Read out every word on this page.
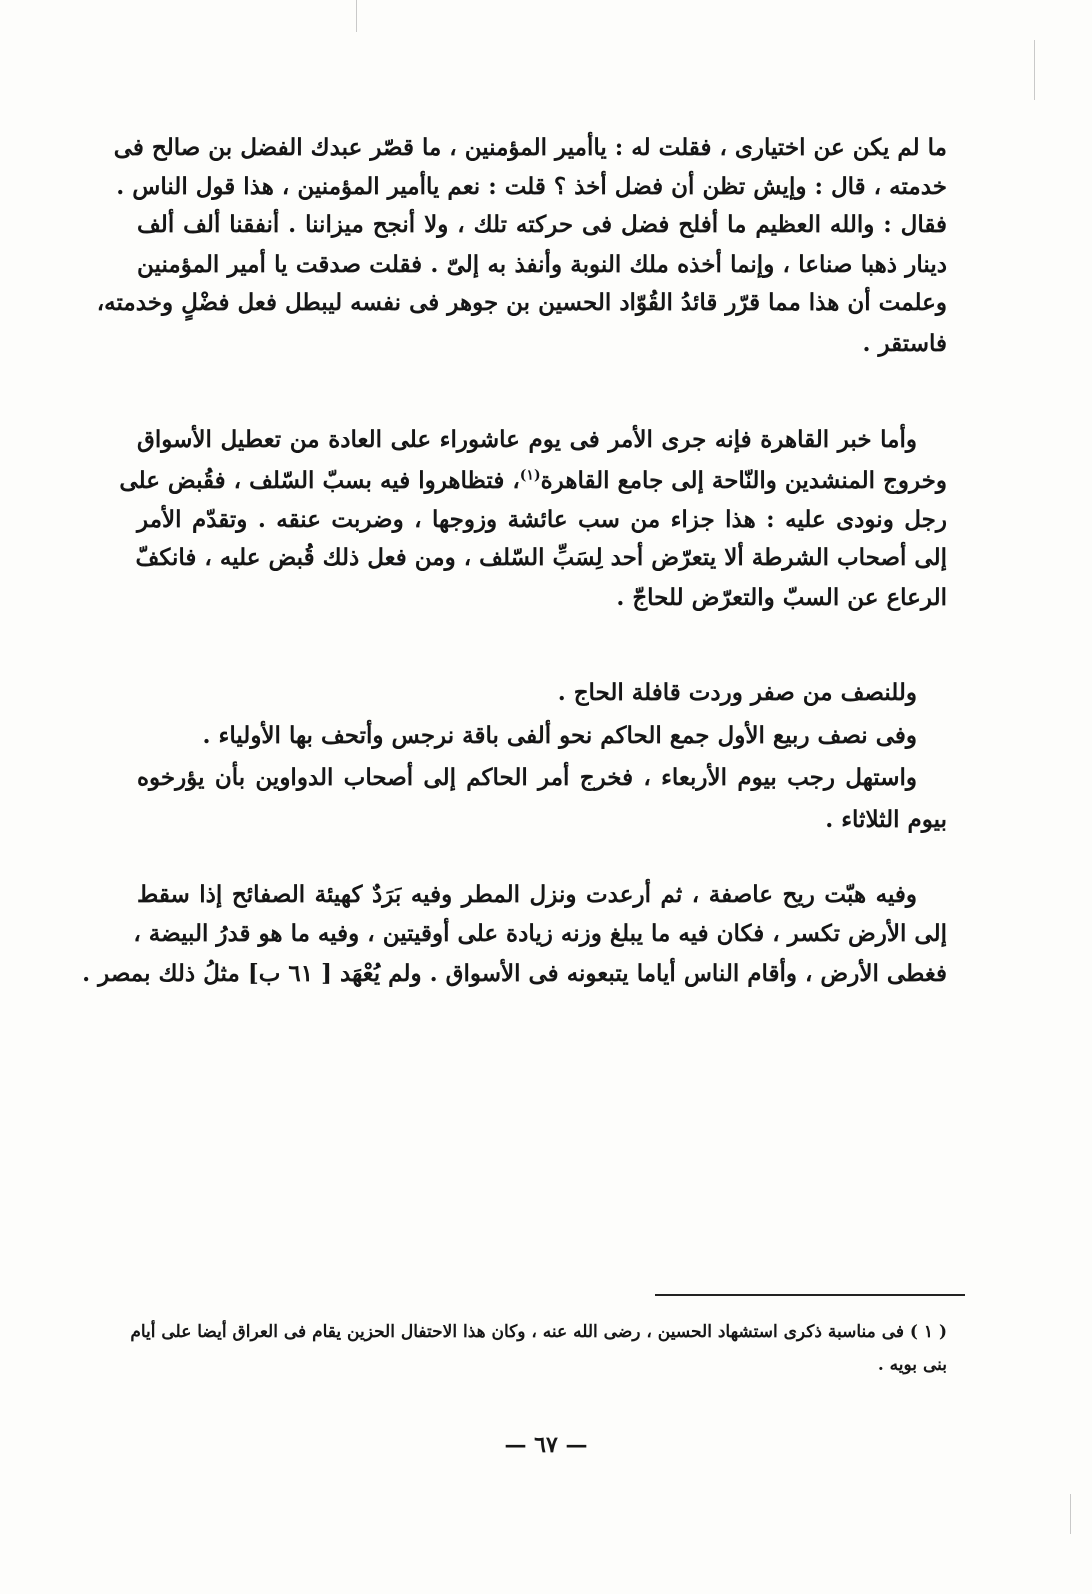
ما لم يكن عن اختيارى ، فقلت له : ياأمير المؤمنين ، ما قصّر عبدك الفضل بن صالح فى
خدمته ، قال : وإيش تظن أن فضل أخذ ؟ قلت : نعم ياأمير المؤمنين ، هذا قول الناس .
فقال : والله العظيم ما أفلح فضل فى حركته تلك ، ولا أنجح ميزاننا . أنفقنا ألف ألف
دينار ذهبا صناعا ، وإنما أخذه ملك النوبة وأنفذ به إلىّ . فقلت صدقت يا أمير المؤمنين
وعلمت أن هذا مما قرّر قائدُ القُوّاد الحسين بن جوهر فى نفسه ليبطل فعل فضْلٍ وخدمته،
فاستقر .
وأما خبر القاهرة فإنه جرى الأمر فى يوم عاشوراء على العادة من تعطيل الأسواق
وخروج المنشدين والنّاحة إلى جامع القاهرة$^{(١)}$، فتظاهروا فيه بسبّ السّلف ، فقُبض على
رجل ونودى عليه : هذا جزاء من سب عائشة وزوجها ، وضربت عنقه . وتقدّم الأمر
إلى أصحاب الشرطة ألا يتعرّض أحد لِسَبِّ السّلف ، ومن فعل ذلك قُبض عليه ، فانكفّ
الرعاع عن السبّ والتعرّض للحاجّ .
وللنصف من صفر وردت قافلة الحاج .
وفى نصف ربيع الأول جمع الحاكم نحو ألفى باقة نرجس وأتحف بها الأولياء .
واستهل رجب بيوم الأربعاء ، فخرج أمر الحاكم إلى أصحاب الدواوين بأن يؤرخوه
بيوم الثلاثاء .
وفيه هبّت ريح عاصفة ، ثم أرعدت ونزل المطر وفيه بَرَدٌ كهيئة الصفائح إذا سقط
إلى الأرض تكسر ، فكان فيه ما يبلغ وزنه زيادة على أوقيتين ، وفيه ما هو قدرُ البيضة ،
فغطى الأرض ، وأقام الناس أياما يتبعونه فى الأسواق . ولم يُعْهَد [ ٦١ ب] مثلُ ذلك بمصر .
( ١ ) فى مناسبة ذكرى استشهاد الحسين ، رضى الله عنه ، وكان هذا الاحتفال الحزين يقام فى العراق أيضا على أيام
بنى بويه .
— ٦٧ —
